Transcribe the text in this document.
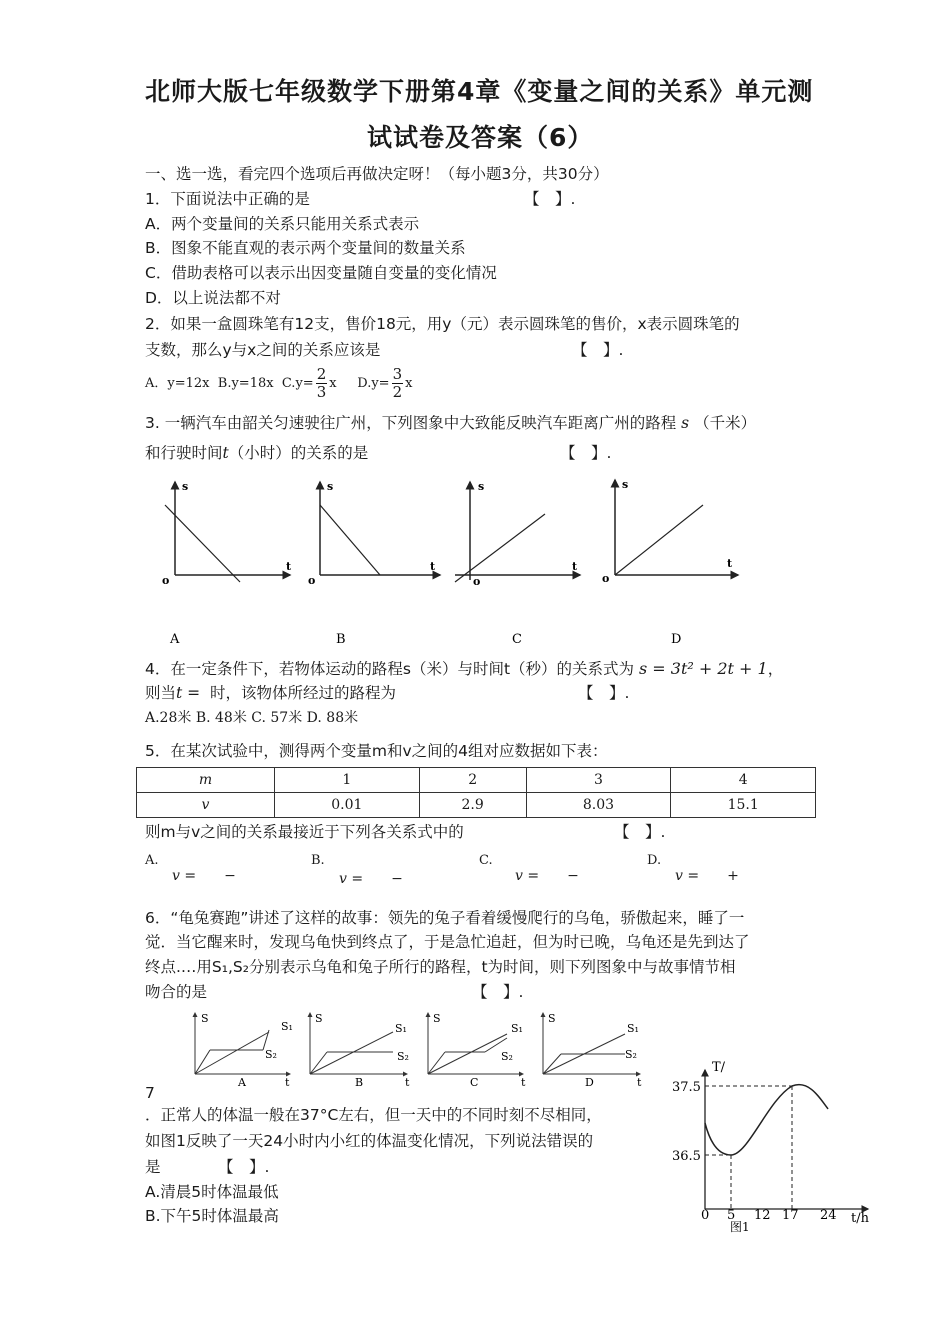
北师大版七年级数学下册第4章《变量之间的关系》单元测
试试卷及答案（6）
一、选一选，看完四个选项后再做决定呀！（每小题3分，共30分）
1．下面说法中正确的是	【　】.
A．两个变量间的关系只能用关系式表示
B．图象不能直观的表示两个变量间的数量关系
C．借助表格可以表示出因变量随自变量的变化情况
D．以上说法都不对
2．如果一盒圆珠笔有12支，售价18元，用y（元）表示圆珠笔的售价，x表示圆珠笔的
支数，那么y与x之间的关系应该是	【　】.
A．y=12x B.y=18x $C.y= \frac{2}{3}$ x $D.y= \frac{3}{2}$ x
3. 一辆汽车由韶关匀速驶往广州，下列图象中大致能反映汽车距离广州的路程 s （千米）
和行驶时间t（小时）的关系的是	【　】.
s
t
o
A
s
t
o
B
s
t
o
C
s
t
o
D
4．在一定条件下，若物体运动的路程s（米）与时间t（秒）的关系式为 s = 3t² + 2t + 1，
则当t = 时，该物体所经过的路程为	【　】.
A.28米 B. 48米 C. 57米 D. 88米
5．在某次试验中，测得两个变量m和v之间的4组对应数据如下表：
m	1	2	3	4
v	0.01	2.9	8.03	15.1
则m与v之间的关系最接近于下列各关系式中的	【　】.
A.
v =　　−
B.
v =　　−
C.
v =　　−
D.
v =　　+
6．“龟兔赛跑”讲述了这样的故事：领先的兔子看着缓慢爬行的乌龟，骄傲起来，睡了一
觉．当它醒来时，发现乌龟快到终点了，于是急忙追赶，但为时已晚，乌龟还是先到达了
终点.…用S₁,S₂分别表示乌龟和兔子所行的路程，t为时间，则下列图象中与故事情节相
吻合的是	【　】.
S
S₁
S₂
t
A
S
S₁
S₂
t
B
S
S₁
S₂
t
C
S
S₁
S₂
t
D
7
．正常人的体温一般在37°C左右，但一天中的不同时刻不尽相同，
如图1反映了一天24小时内小红的体温变化情况，下列说法错误的
是	【　】.
A.清晨5时体温最低
B.下午5时体温最高
T/
37.5
36.5
0 5 12 17 24 t/h
图1
